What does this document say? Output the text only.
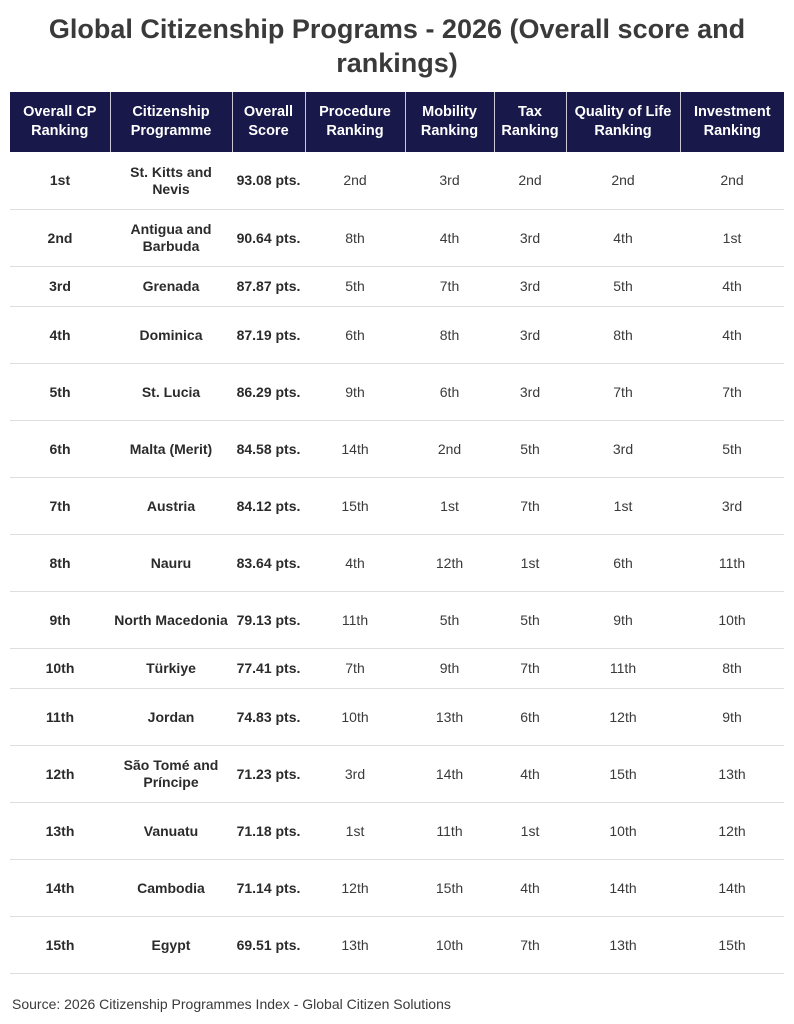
Global Citizenship Programs - 2026 (Overall score and rankings)
Overall CP Ranking	Citizenship Programme	Overall Score	Procedure Ranking	Mobility Ranking	Tax Ranking	Quality of Life Ranking	Investment Ranking
1st	St. Kitts and Nevis	93.08 pts.	2nd	3rd	2nd	2nd	2nd
2nd	Antigua and Barbuda	90.64 pts.	8th	4th	3rd	4th	1st
3rd	Grenada	87.87 pts.	5th	7th	3rd	5th	4th
4th	Dominica	87.19 pts.	6th	8th	3rd	8th	4th
5th	St. Lucia	86.29 pts.	9th	6th	3rd	7th	7th
6th	Malta (Merit)	84.58 pts.	14th	2nd	5th	3rd	5th
7th	Austria	84.12 pts.	15th	1st	7th	1st	3rd
8th	Nauru	83.64 pts.	4th	12th	1st	6th	11th
9th	North Macedonia	79.13 pts.	11th	5th	5th	9th	10th
10th	Türkiye	77.41 pts.	7th	9th	7th	11th	8th
11th	Jordan	74.83 pts.	10th	13th	6th	12th	9th
12th	São Tomé and Príncipe	71.23 pts.	3rd	14th	4th	15th	13th
13th	Vanuatu	71.18 pts.	1st	11th	1st	10th	12th
14th	Cambodia	71.14 pts.	12th	15th	4th	14th	14th
15th	Egypt	69.51 pts.	13th	10th	7th	13th	15th
Source: 2026 Citizenship Programmes Index - Global Citizen Solutions
